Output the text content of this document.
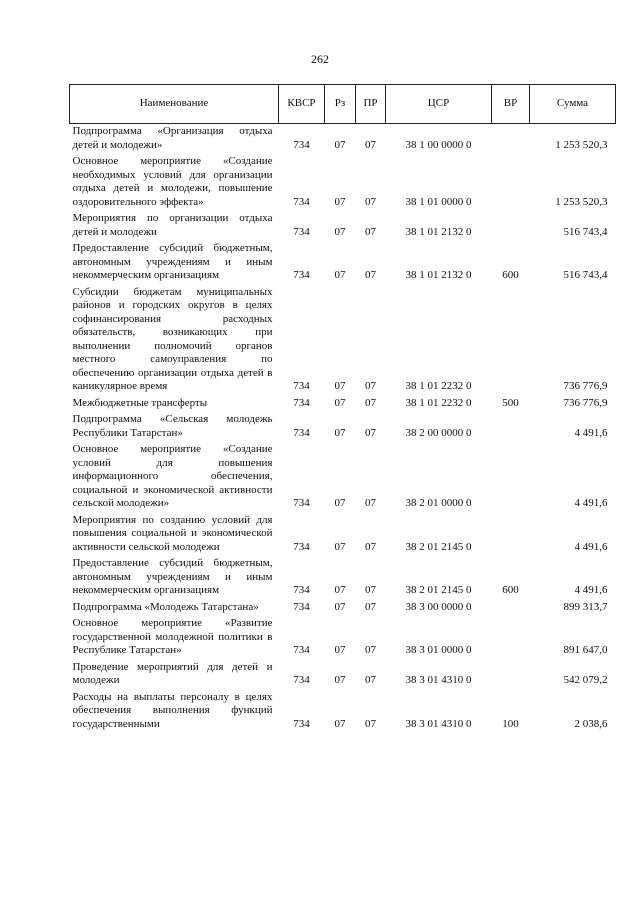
262
Наименование	КВСР	Рз	ПР	ЦСР	ВР	Сумма
Подпрограмма «Организация отдыха детей и молодежи»	734	07	07	38 1 00 0000 0		1 253 520,3
Основное мероприятие «Создание необходимых условий для организации отдыха детей и молодежи, повышение оздоровительного эффекта»	734	07	07	38 1 01 0000 0		1 253 520,3
Мероприятия по организации отдыха детей и молодежи	734	07	07	38 1 01 2132 0		516 743,4
Предоставление субсидий бюджетным, автономным учреждениям и иным некоммерческим организациям	734	07	07	38 1 01 2132 0	600	516 743,4
Субсидии бюджетам муниципальных районов и городских округов в целях софинансирования расходных обязательств, возникающих при выполнении полномочий органов местного самоуправления по обеспечению организации отдыха детей в каникулярное время	734	07	07	38 1 01 2232 0		736 776,9
Межбюджетные трансферты	734	07	07	38 1 01 2232 0	500	736 776,9
Подпрограмма «Сельская молодежь Республики Татарстан»	734	07	07	38 2 00 0000 0		4 491,6
Основное мероприятие «Создание условий для повышения информационного обеспечения, социальной и экономической активности сельской молодежи»	734	07	07	38 2 01 0000 0		4 491,6
Мероприятия по созданию условий для повышения социальной и экономической активности сельской молодежи	734	07	07	38 2 01 2145 0		4 491,6
Предоставление субсидий бюджетным, автономным учреждениям и иным некоммерческим организациям	734	07	07	38 2 01 2145 0	600	4 491,6
Подпрограмма «Молодежь Татарстана»	734	07	07	38 3 00 0000 0		899 313,7
Основное мероприятие «Развитие государственной молодежной политики в Республике Татарстан»	734	07	07	38 3 01 0000 0		891 647,0
Проведение мероприятий для детей и молодежи	734	07	07	38 3 01 4310 0		542 079,2
Расходы на выплаты персоналу в целях обеспечения выполнения функций государственными	734	07	07	38 3 01 4310 0	100	2 038,6
